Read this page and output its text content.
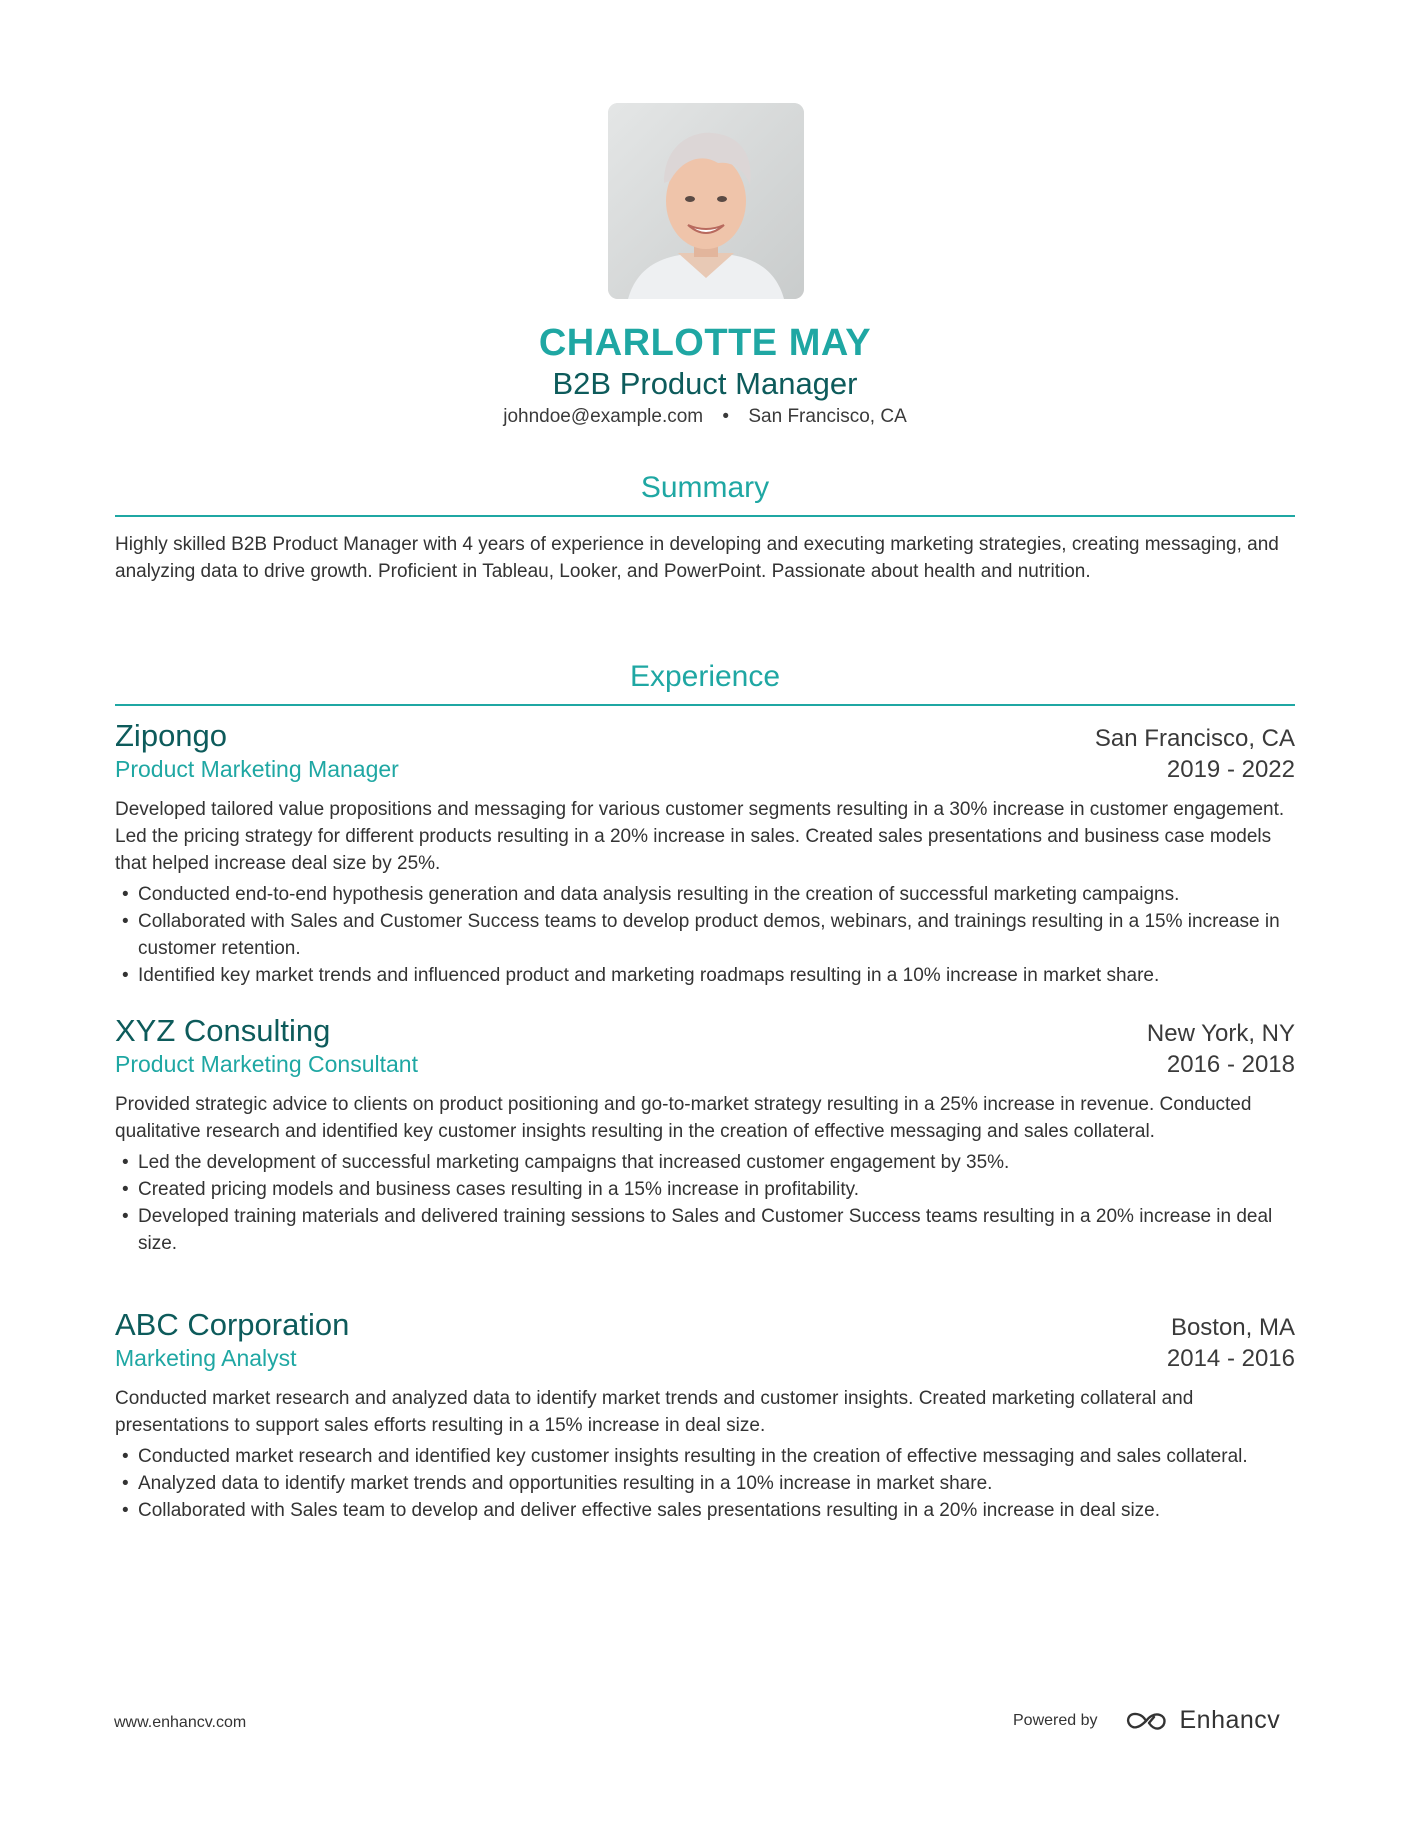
CHARLOTTE MAY
B2B Product Manager
johndoe@example.com • San Francisco, CA
Summary
Highly skilled B2B Product Manager with 4 years of experience in developing and executing marketing strategies, creating messaging, and analyzing data to drive growth. Proficient in Tableau, Looker, and PowerPoint. Passionate about health and nutrition.
Experience
Zipongo	San Francisco, CA
Product Marketing Manager	2019 - 2022
Developed tailored value propositions and messaging for various customer segments resulting in a 30% increase in customer engagement. Led the pricing strategy for different products resulting in a 20% increase in sales. Created sales presentations and business case models that helped increase deal size by 25%.
• Conducted end-to-end hypothesis generation and data analysis resulting in the creation of successful marketing campaigns.
• Collaborated with Sales and Customer Success teams to develop product demos, webinars, and trainings resulting in a 15% increase in customer retention.
• Identified key market trends and influenced product and marketing roadmaps resulting in a 10% increase in market share.
XYZ Consulting	New York, NY
Product Marketing Consultant	2016 - 2018
Provided strategic advice to clients on product positioning and go-to-market strategy resulting in a 25% increase in revenue. Conducted qualitative research and identified key customer insights resulting in the creation of effective messaging and sales collateral.
• Led the development of successful marketing campaigns that increased customer engagement by 35%.
• Created pricing models and business cases resulting in a 15% increase in profitability.
• Developed training materials and delivered training sessions to Sales and Customer Success teams resulting in a 20% increase in deal size.
ABC Corporation	Boston, MA
Marketing Analyst	2014 - 2016
Conducted market research and analyzed data to identify market trends and customer insights. Created marketing collateral and presentations to support sales efforts resulting in a 15% increase in deal size.
• Conducted market research and identified key customer insights resulting in the creation of effective messaging and sales collateral.
• Analyzed data to identify market trends and opportunities resulting in a 10% increase in market share.
• Collaborated with Sales team to develop and deliver effective sales presentations resulting in a 20% increase in deal size.
www.enhancv.com	Powered by	Enhancv
